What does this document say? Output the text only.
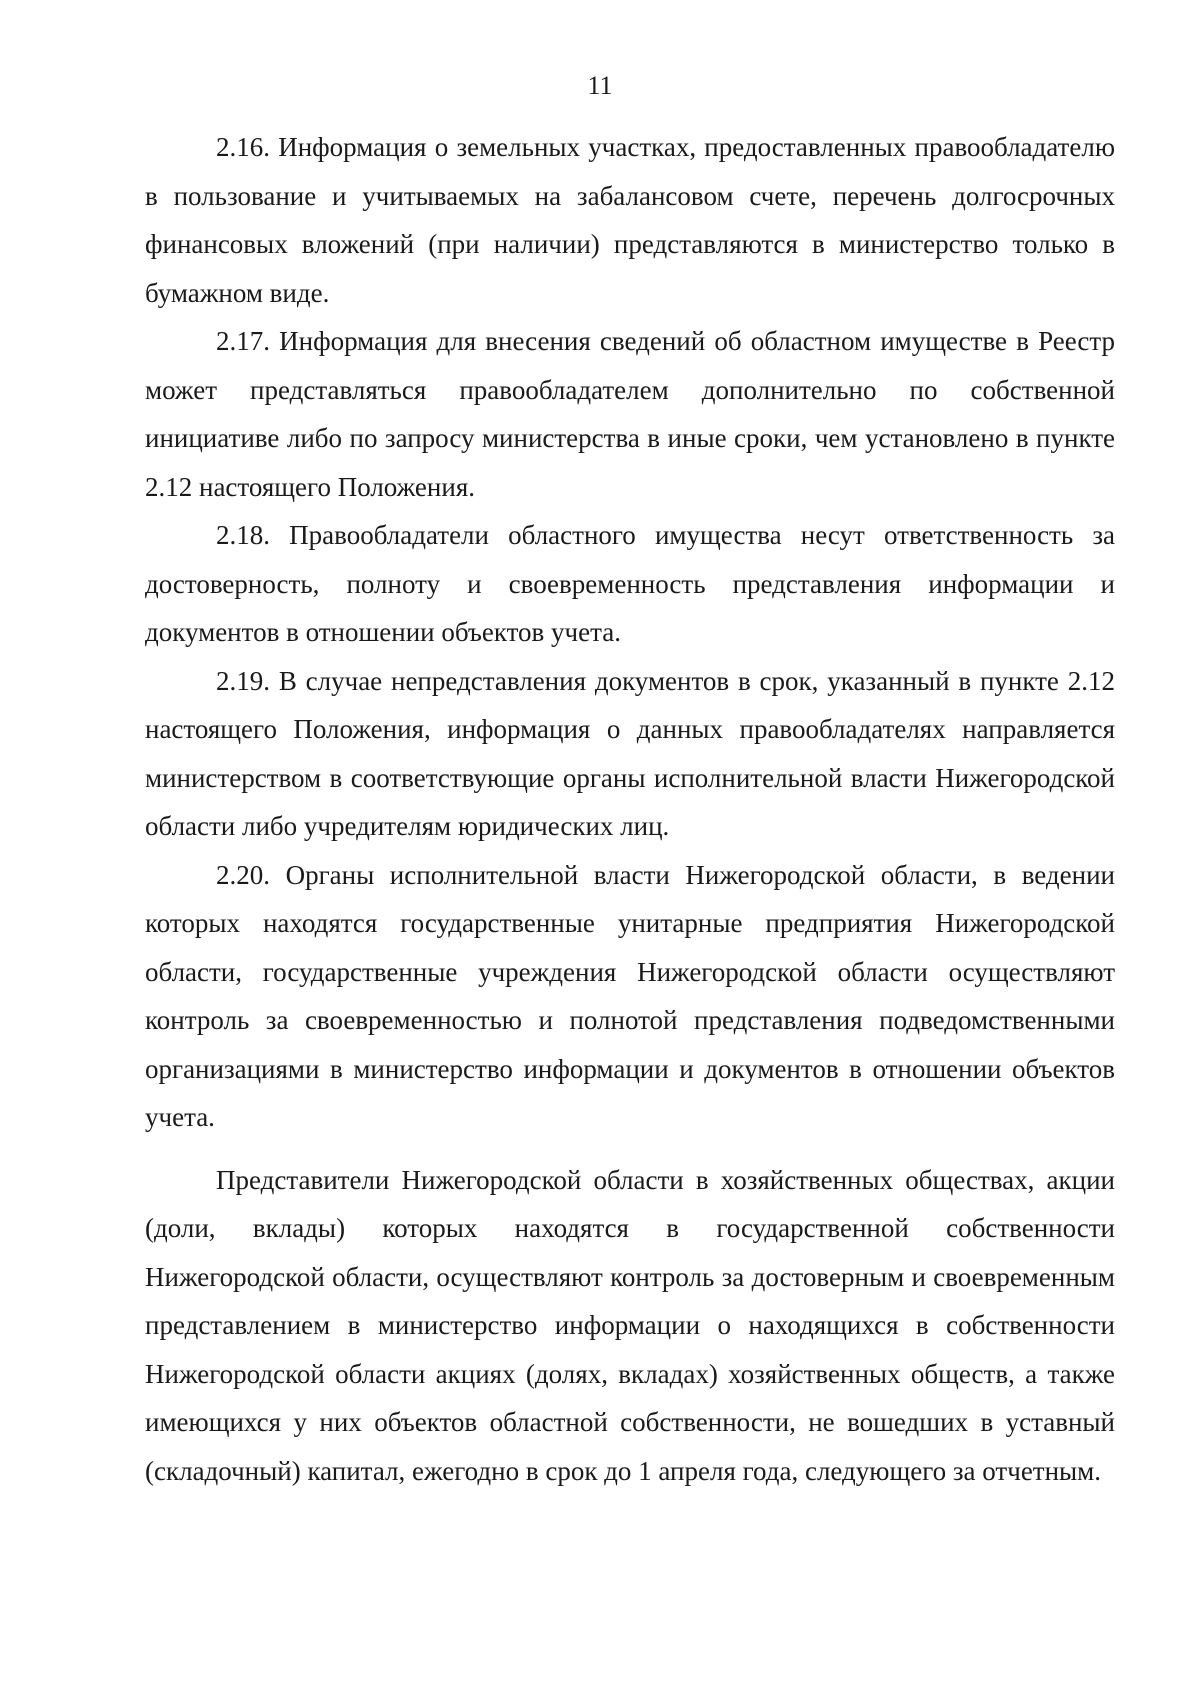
11

2.16. Информация о земельных участках, предоставленных правообладателю в пользование и учитываемых на забалансовом счете, перечень долгосрочных финансовых вложений (при наличии) представляются в министерство только в бумажном виде.

2.17. Информация для внесения сведений об областном имуществе в Реестр может представляться правообладателем дополнительно по собственной инициативе либо по запросу министерства в иные сроки, чем установлено в пункте 2.12 настоящего Положения.

2.18. Правообладатели областного имущества несут ответственность за достоверность, полноту и своевременность представления информации и документов в отношении объектов учета.

2.19. В случае непредставления документов в срок, указанный в пункте 2.12 настоящего Положения, информация о данных правообладателях направляется министерством в соответствующие органы исполнительной власти Нижегородской области либо учредителям юридических лиц.

2.20. Органы исполнительной власти Нижегородской области, в ведении которых находятся государственные унитарные предприятия Нижегородской области, государственные учреждения Нижегородской области осуществляют контроль за своевременностью и полнотой представления подведомственными организациями в министерство информации и документов в отношении объектов учета.

Представители Нижегородской области в хозяйственных обществах, акции (доли, вклады) которых находятся в государственной собственности Нижегородской области, осуществляют контроль за достоверным и своевременным представлением в министерство информации о находящихся в собственности Нижегородской области акциях (долях, вкладах) хозяйственных обществ, а также имеющихся у них объектов областной собственности, не вошедших в уставный (складочный) капитал, ежегодно в срок до 1 апреля года, следующего за отчетным.
